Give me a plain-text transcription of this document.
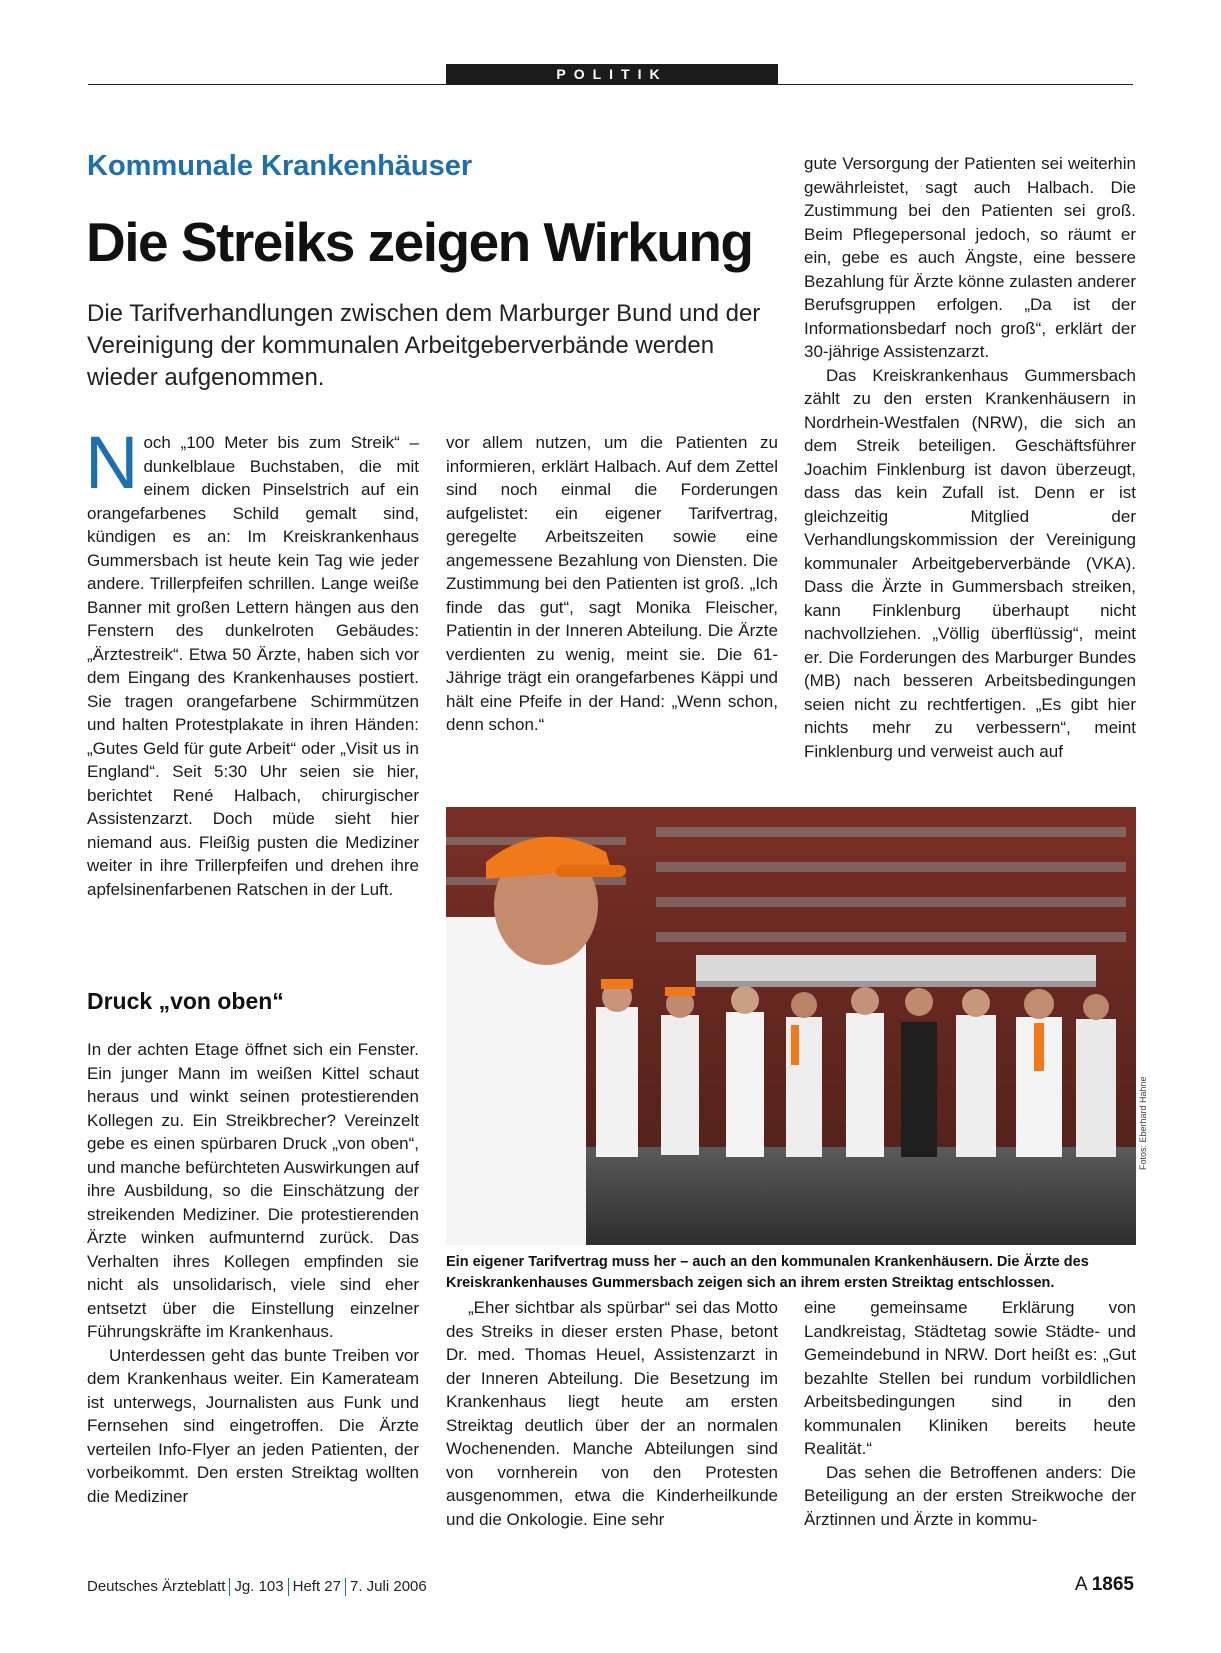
POLITIK
Kommunale Krankenhäuser
Die Streiks zeigen Wirkung

Die Tarifverhandlungen zwischen dem Marburger Bund und der Vereinigung der kommunalen Arbeitgeberverbände werden wieder aufgenommen.

Noch „100 Meter bis zum Streik“ – dunkelblaue Buchstaben, die mit einem dicken Pinselstrich auf ein orangefarbenes Schild gemalt sind, kündigen es an: Im Kreiskrankenhaus Gummersbach ist heute kein Tag wie jeder andere. Trillerpfeifen schrillen. Lange weiße Banner mit großen Lettern hängen aus den Fenstern des dunkelroten Gebäudes: „Ärztestreik“. Etwa 50 Ärzte, haben sich vor dem Eingang des Krankenhauses postiert. Sie tragen orangefarbene Schirmmützen und halten Protestplakate in ihren Händen: „Gutes Geld für gute Arbeit“ oder „Visit us in England“. Seit 5:30 Uhr seien sie hier, berichtet René Halbach, chirurgischer Assistenzarzt. Doch müde sieht hier niemand aus. Fleißig pusten die Mediziner weiter in ihre Trillerpfeifen und drehen ihre apfelsinenfarbenen Ratschen in der Luft.

Druck „von oben“

In der achten Etage öffnet sich ein Fenster. Ein junger Mann im weißen Kittel schaut heraus und winkt seinen protestierenden Kollegen zu. Ein Streikbrecher? Vereinzelt gebe es einen spürbaren Druck „von oben“, und manche befürchteten Auswirkungen auf ihre Ausbildung, so die Einschätzung der streikenden Mediziner. Die protestierenden Ärzte winken aufmunternd zurück. Das Verhalten ihres Kollegen empfinden sie nicht als unsolidarisch, viele sind eher entsetzt über die Einstellung einzelner Führungskräfte im Krankenhaus.

Unterdessen geht das bunte Treiben vor dem Krankenhaus weiter. Ein Kamerateam ist unterwegs, Journalisten aus Funk und Fernsehen sind eingetroffen. Die Ärzte verteilen Info-Flyer an jeden Patienten, der vorbeikommt. Den ersten Streiktag wollten die Mediziner

vor allem nutzen, um die Patienten zu informieren, erklärt Halbach. Auf dem Zettel sind noch einmal die Forderungen aufgelistet: ein eigener Tarifvertrag, geregelte Arbeitszeiten sowie eine angemessene Bezahlung von Diensten. Die Zustimmung bei den Patienten ist groß. „Ich finde das gut“, sagt Monika Fleischer, Patientin in der Inneren Abteilung. Die Ärzte verdienten zu wenig, meint sie. Die 61-Jährige trägt ein orangefarbenes Käppi und hält eine Pfeife in der Hand: „Wenn schon, denn schon.“

Fotos: Eberhard Hahne

Ein eigener Tarifvertrag muss her – auch an den kommunalen Krankenhäusern. Die Ärzte des Kreiskrankenhauses Gummersbach zeigen sich an ihrem ersten Streiktag entschlossen.

„Eher sichtbar als spürbar“ sei das Motto des Streiks in dieser ersten Phase, betont Dr. med. Thomas Heuel, Assistenzarzt in der Inneren Abteilung. Die Besetzung im Krankenhaus liegt heute am ersten Streiktag deutlich über der an normalen Wochenenden. Manche Abteilungen sind von vornherein von den Protesten ausgenommen, etwa die Kinderheilkunde und die Onkologie. Eine sehr

gute Versorgung der Patienten sei weiterhin gewährleistet, sagt auch Halbach. Die Zustimmung bei den Patienten sei groß. Beim Pflegepersonal jedoch, so räumt er ein, gebe es auch Ängste, eine bessere Bezahlung für Ärzte könne zulasten anderer Berufsgruppen erfolgen. „Da ist der Informationsbedarf noch groß“, erklärt der 30-jährige Assistenzarzt.

Das Kreiskrankenhaus Gummersbach zählt zu den ersten Krankenhäusern in Nordrhein-Westfalen (NRW), die sich an dem Streik beteiligen. Geschäftsführer Joachim Finklenburg ist davon überzeugt, dass das kein Zufall ist. Denn er ist gleichzeitig Mitglied der Verhandlungskommission der Vereinigung kommunaler Arbeitgeberverbände (VKA). Dass die Ärzte in Gummersbach streiken, kann Finklenburg überhaupt nicht nachvollziehen. „Völlig überflüssig“, meint er. Die Forderungen des Marburger Bundes (MB) nach besseren Arbeitsbedingungen seien nicht zu rechtfertigen. „Es gibt hier nichts mehr zu verbessern“, meint Finklenburg und verweist auch auf

eine gemeinsame Erklärung von Landkreistag, Städtetag sowie Städte- und Gemeindebund in NRW. Dort heißt es: „Gut bezahlte Stellen bei rundum vorbildlichen Arbeitsbedingungen sind in den kommunalen Kliniken bereits heute Realität.“

Das sehen die Betroffenen anders: Die Beteiligung an der ersten Streikwoche der Ärztinnen und Ärzte in kommu-

Deutsches Ärzteblatt Jg. 103 Heft 27 7. Juli 2006	A 1865
